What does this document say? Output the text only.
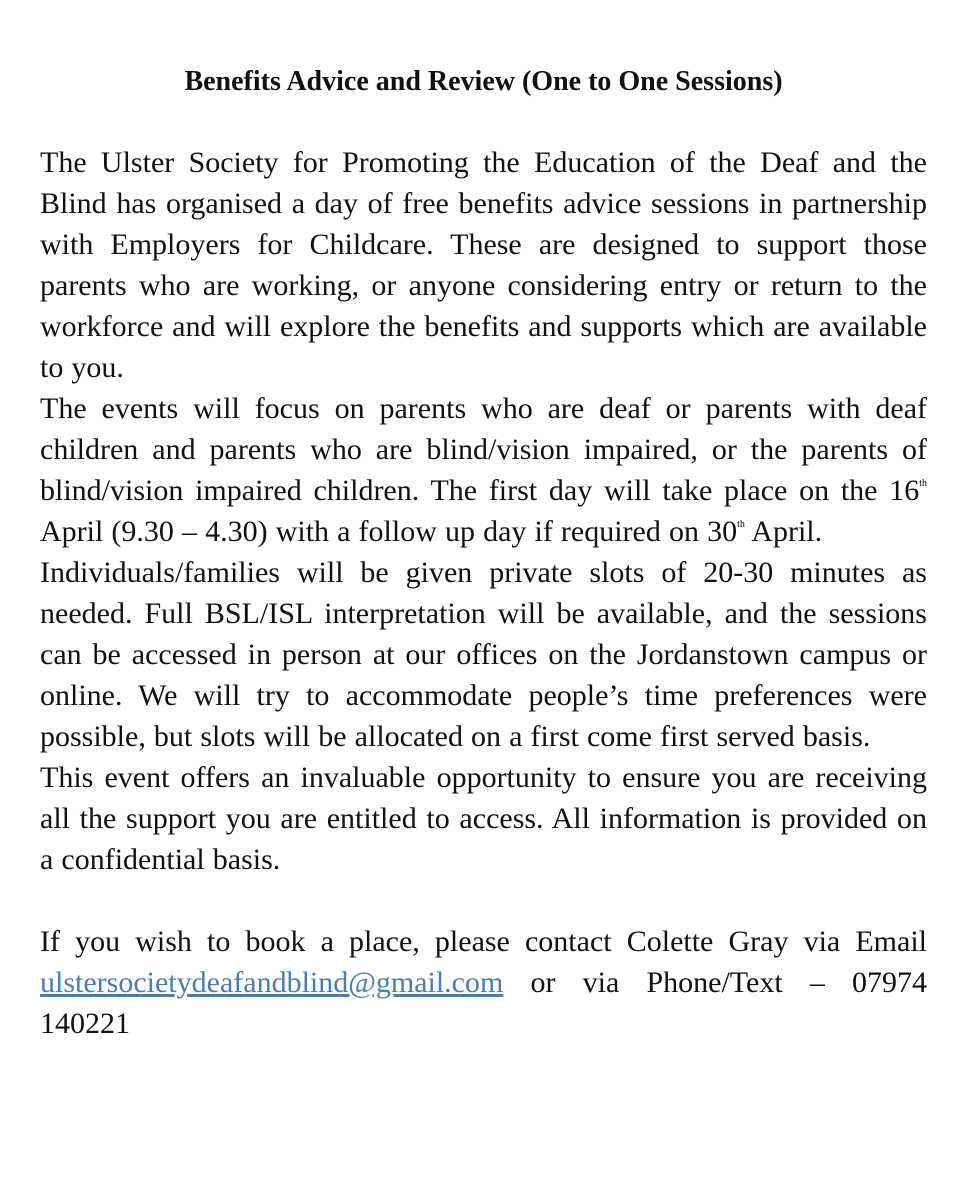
Benefits Advice and Review (One to One Sessions)

The Ulster Society for Promoting the Education of the Deaf and the Blind has organised a day of free benefits advice sessions in partnership with Employers for Childcare. These are designed to support those parents who are working, or anyone considering entry or return to the workforce and will explore the benefits and supports which are available to you.

The events will focus on parents who are deaf or parents with deaf children and parents who are blind/vision impaired, or the parents of blind/vision impaired children. The first day will take place on the 16th April (9.30 – 4.30) with a follow up day if required on 30th April.

Individuals/families will be given private slots of 20-30 minutes as needed. Full BSL/ISL interpretation will be available, and the sessions can be accessed in person at our offices on the Jordanstown campus or online. We will try to accommodate people’s time preferences were possible, but slots will be allocated on a first come first served basis.

This event offers an invaluable opportunity to ensure you are receiving all the support you are entitled to access. All information is provided on a confidential basis.

If you wish to book a place, please contact Colette Gray via Email ulstersocietydeafandblind@gmail.com or via Phone/Text – 07974 140221
